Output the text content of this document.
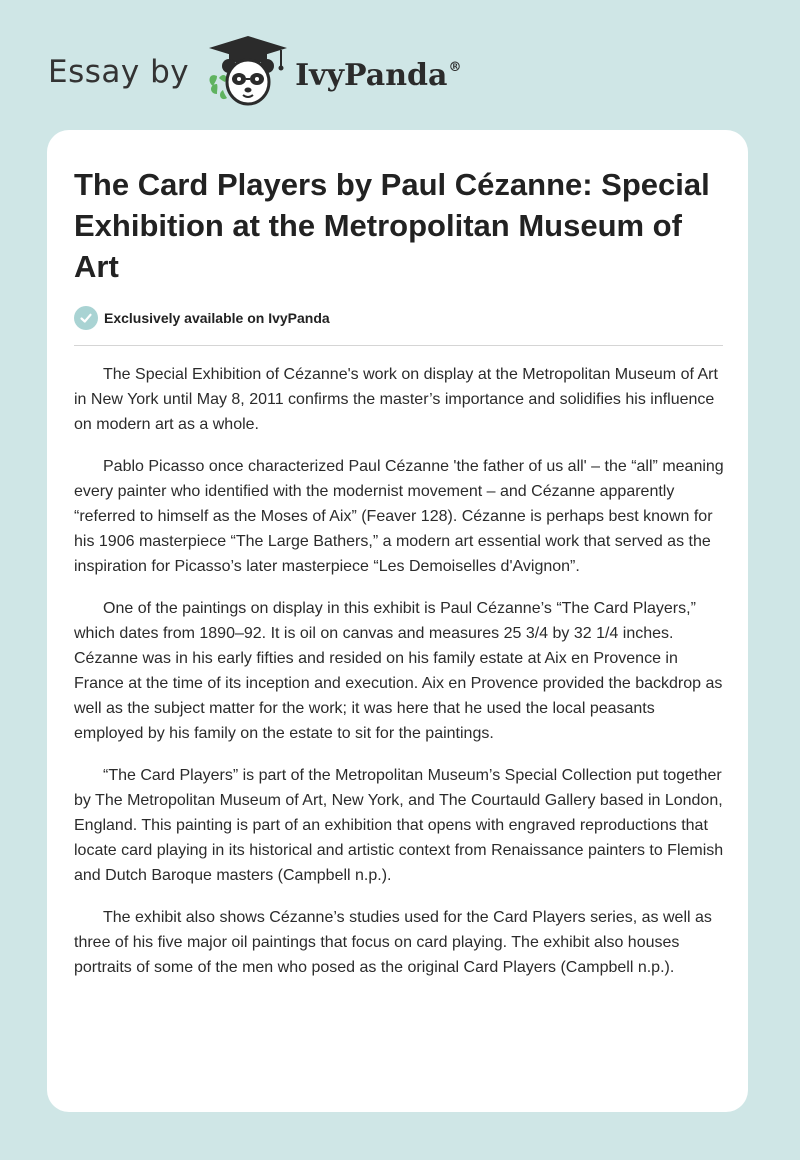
Essay by	IvyPanda®
The Card Players by Paul Cézanne: Special Exhibition at the Metropolitan Museum of Art
Exclusively available on IvyPanda

The Special Exhibition of Cézanne's work on display at the Metropolitan Museum of Art in New York until May 8, 2011 confirms the master’s importance and solidifies his influence on modern art as a whole.

Pablo Picasso once characterized Paul Cézanne 'the father of us all' – the “all” meaning every painter who identified with the modernist movement – and Cézanne apparently “referred to himself as the Moses of Aix” (Feaver 128). Cézanne is perhaps best known for his 1906 masterpiece “The Large Bathers,” a modern art essential work that served as the inspiration for Picasso’s later masterpiece “Les Demoiselles d'Avignon”.

One of the paintings on display in this exhibit is Paul Cézanne’s “The Card Players,” which dates from 1890–92. It is oil on canvas and measures 25 3/4 by 32 1/4 inches. Cézanne was in his early fifties and resided on his family estate at Aix en Provence in France at the time of its inception and execution. Aix en Provence provided the backdrop as well as the subject matter for the work; it was here that he used the local peasants employed by his family on the estate to sit for the paintings.

“The Card Players” is part of the Metropolitan Museum’s Special Collection put together by The Metropolitan Museum of Art, New York, and The Courtauld Gallery based in London, England. This painting is part of an exhibition that opens with engraved reproductions that locate card playing in its historical and artistic context from Renaissance painters to Flemish and Dutch Baroque masters (Campbell n.p.).

The exhibit also shows Cézanne’s studies used for the Card Players series, as well as three of his five major oil paintings that focus on card playing. The exhibit also houses portraits of some of the men who posed as the original Card Players (Campbell n.p.).
